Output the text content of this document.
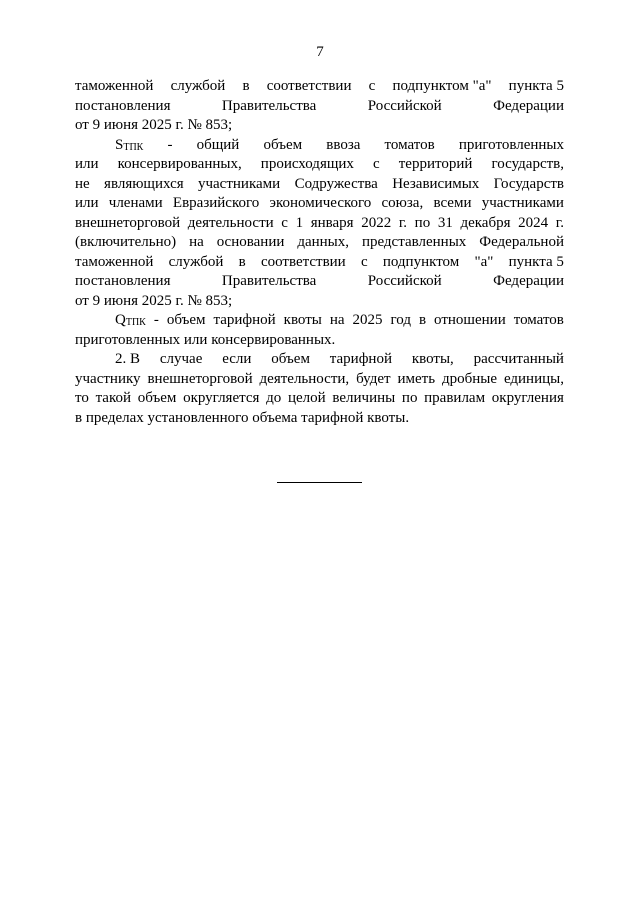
7
таможенной службой в соответствии с подпунктом "а" пункта 5
постановления	Правительства	Российской	Федерации
от 9 июня 2025 г. № 853;
$S_{ТПК}$ - общий объем ввоза томатов приготовленных
или консервированных, происходящих с территорий государств,
не являющихся участниками Содружества Независимых Государств
или членами Евразийского экономического союза, всеми участниками
внешнеторговой деятельности с 1 января 2022 г. по 31 декабря 2024 г.
(включительно) на основании данных, представленных Федеральной
таможенной службой в соответствии с подпунктом "а" пункта 5
постановления	Правительства	Российской	Федерации
от 9 июня 2025 г. № 853;
$Q_{ТПК}$ - объем тарифной квоты на 2025 год в отношении томатов
приготовленных или консервированных.
2. В случае если объем тарифной квоты, рассчитанный
участнику внешнеторговой деятельности, будет иметь дробные единицы,
то такой объем округляется до целой величины по правилам округления
в пределах установленного объема тарифной квоты.
